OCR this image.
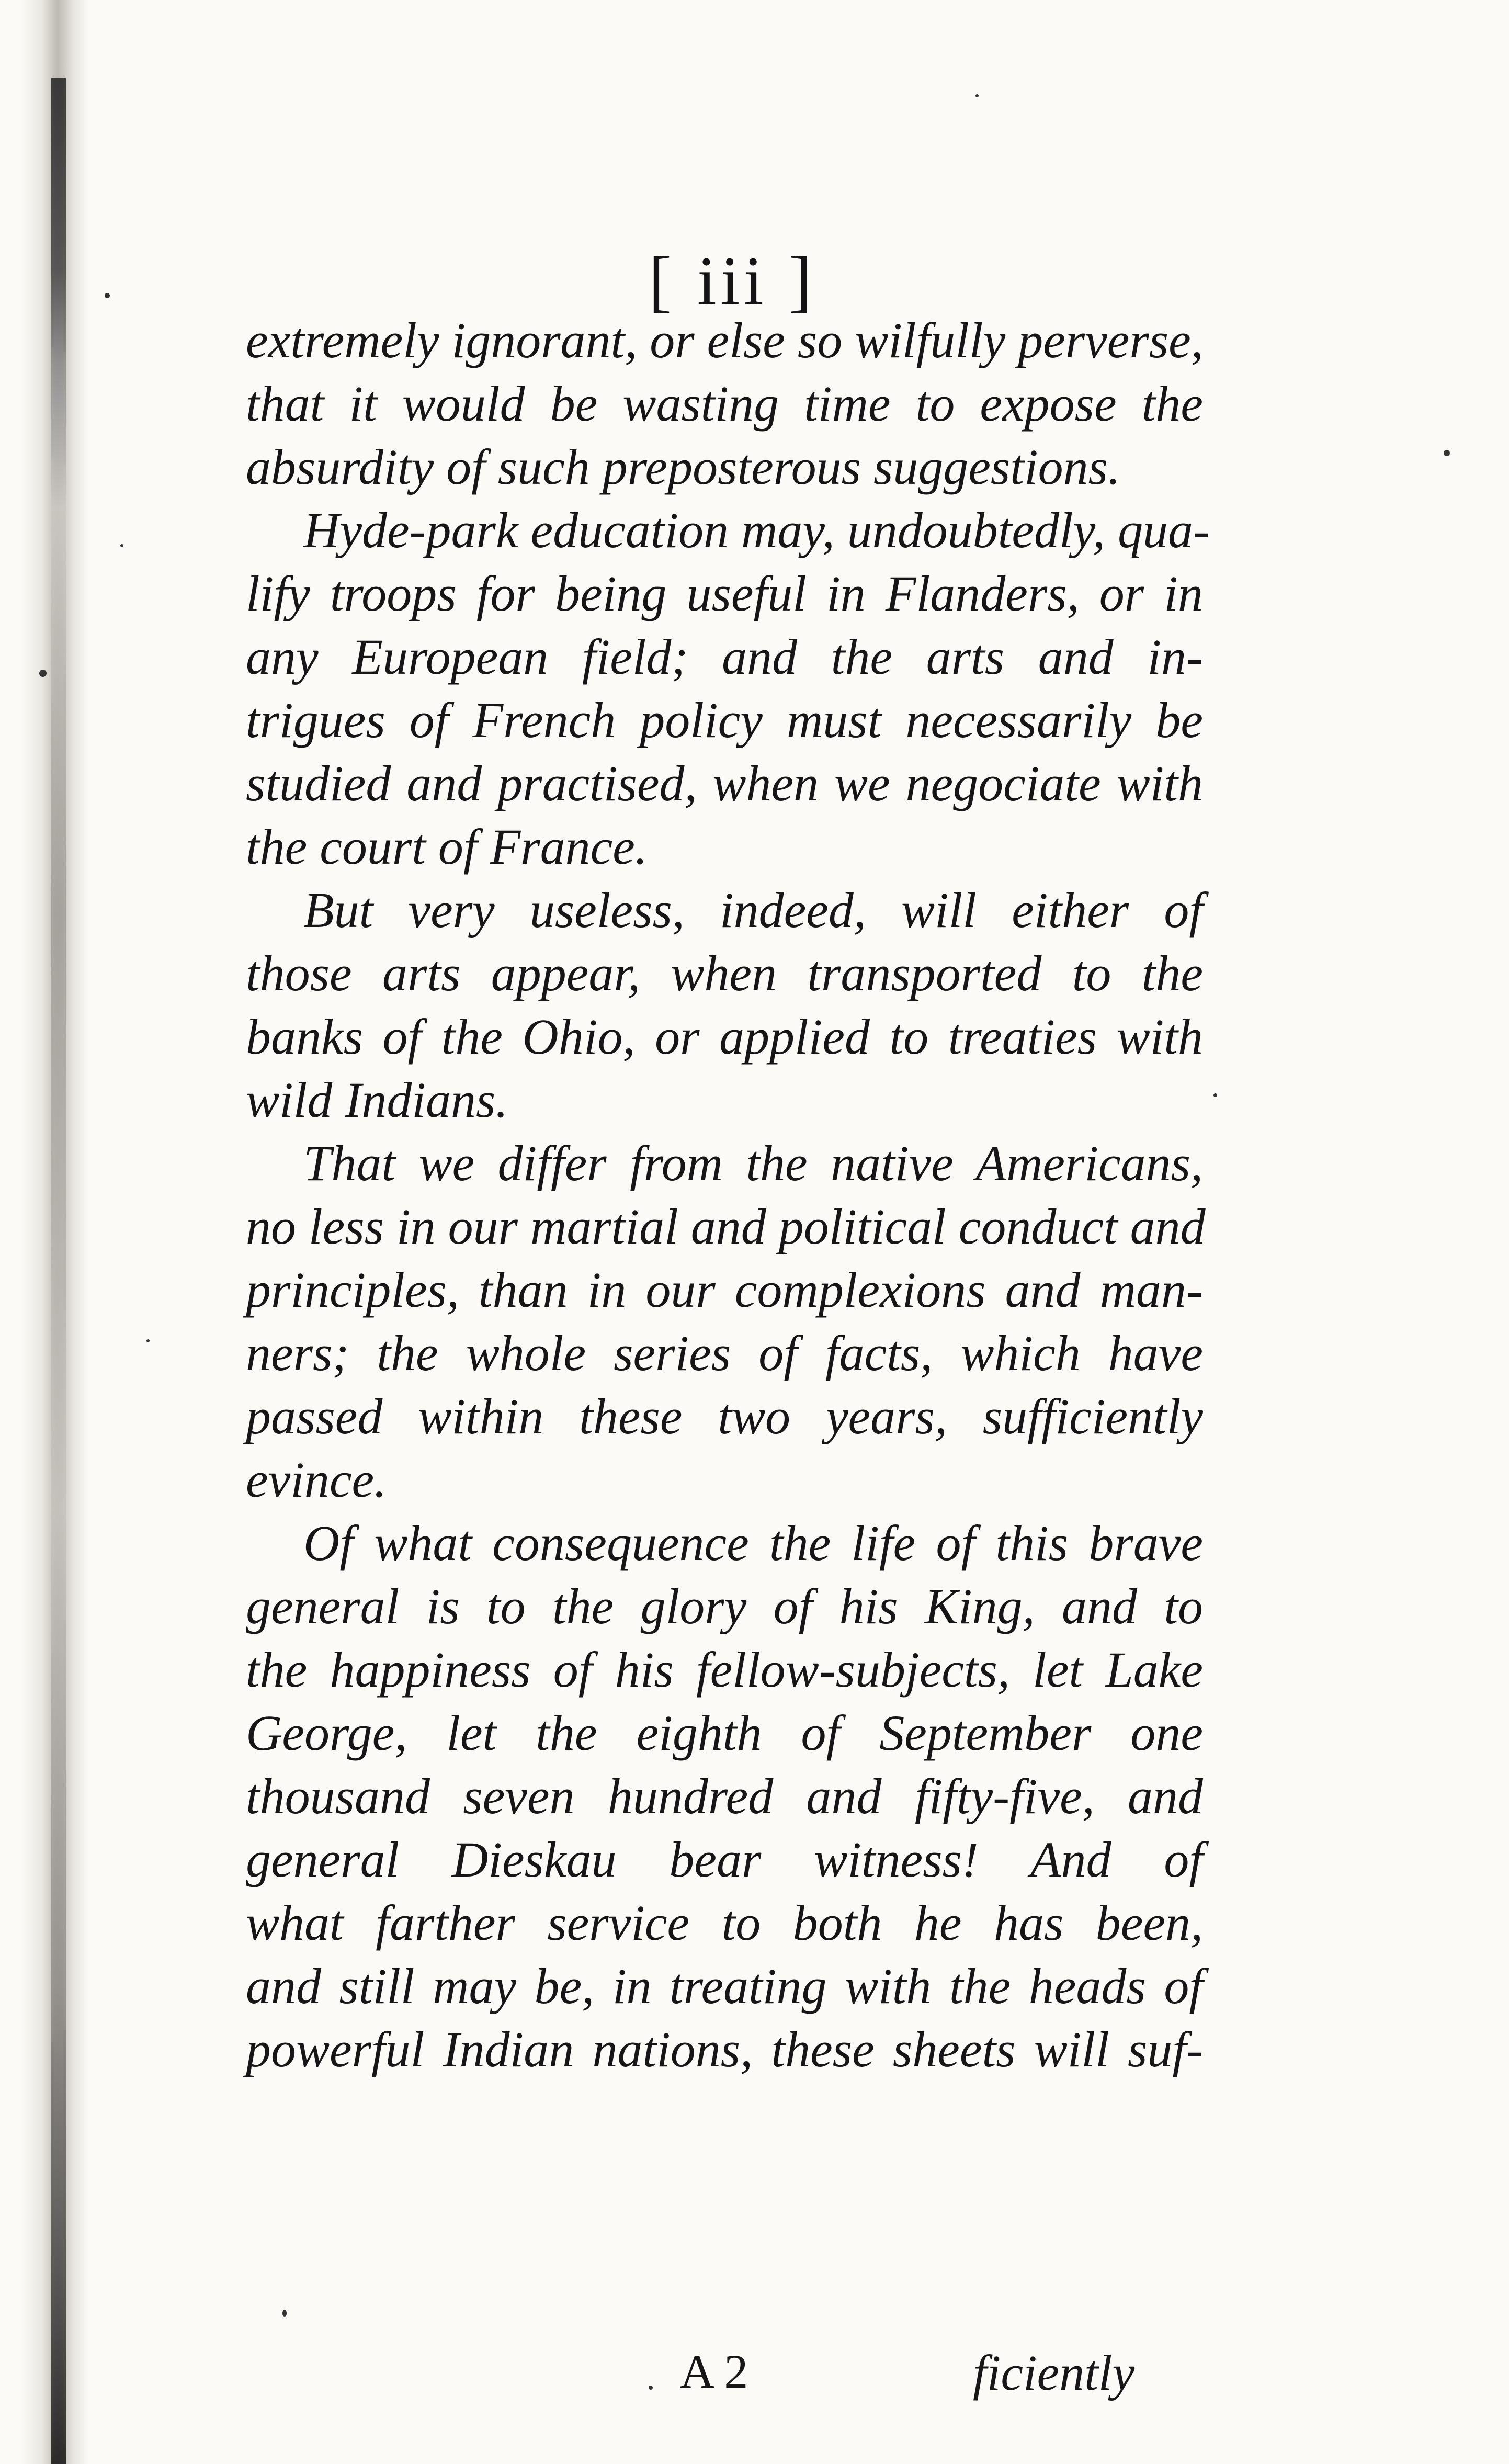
[ iii ]
extremely ignorant, or else so wilfully perverse,
that it would be wasting time to expose the
absurdity of such preposterous suggestions.
Hyde-park education may, undoubtedly, qua-
lify troops for being useful in Flanders, or in
any European field; and the arts and in-
trigues of French policy must necessarily be
studied and practised, when we negociate with
the court of France.
But very useless, indeed, will either of
those arts appear, when transported to the
banks of the Ohio, or applied to treaties with
wild Indians.
That we differ from the native Americans,
no less in our martial and political conduct and
principles, than in our complexions and man-
ners; the whole series of facts, which have
passed within these two years, sufficiently
evince.
Of what consequence the life of this brave
general is to the glory of his King, and to
the happiness of his fellow-subjects, let Lake
George, let the eighth of September one
thousand seven hundred and fifty-five, and
general Dieskau bear witness! And of
what farther service to both he has been,
and still may be, in treating with the heads of
powerful Indian nations, these sheets will suf-
A 2	ficiently
